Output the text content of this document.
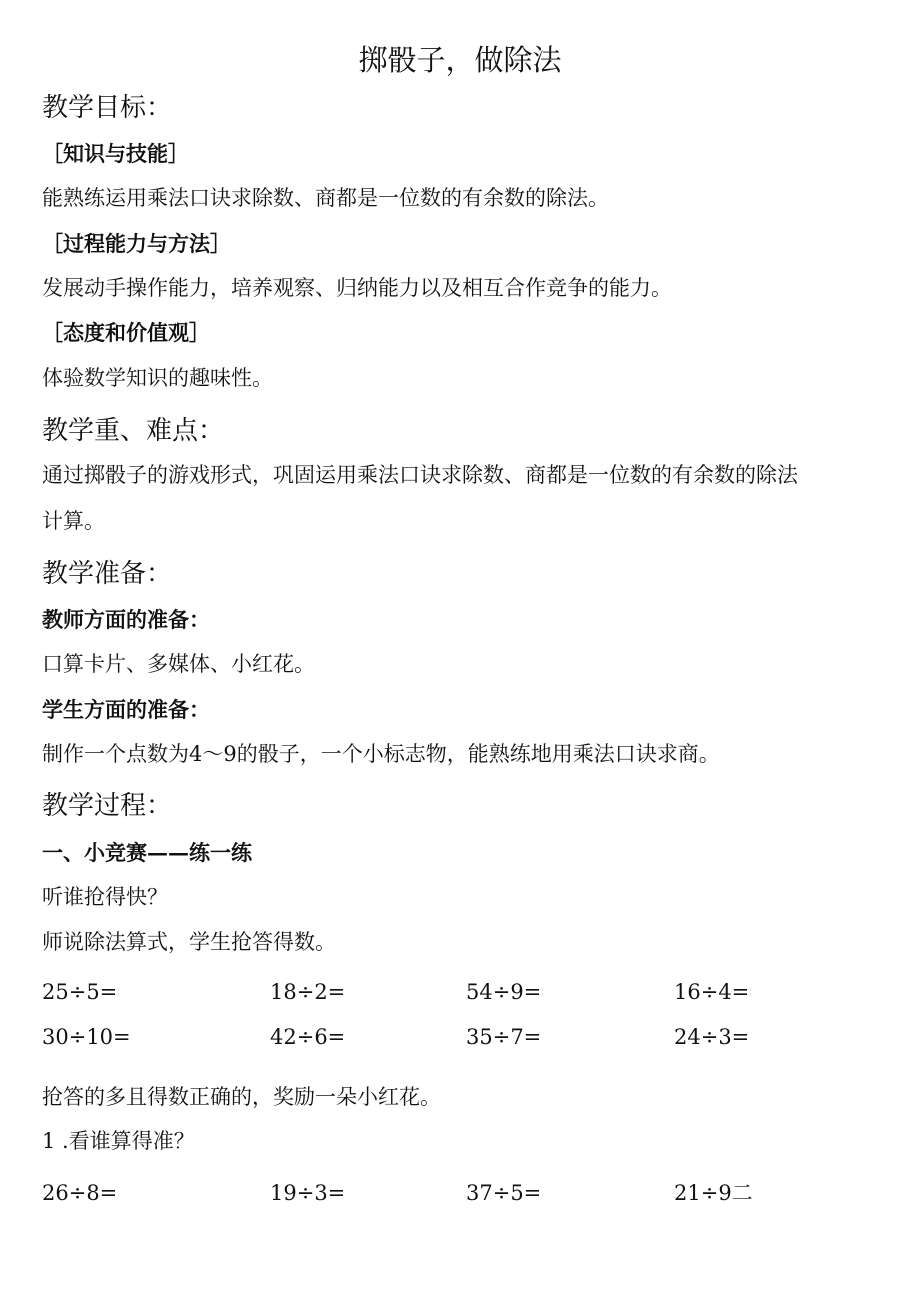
掷骰子，做除法
教学目标：
［知识与技能］
能熟练运用乘法口诀求除数、商都是一位数的有余数的除法。
［过程能力与方法］
发展动手操作能力，培养观察、归纳能力以及相互合作竞争的能力。
［态度和价值观］
体验数学知识的趣味性。
教学重、难点：
通过掷骰子的游戏形式，巩固运用乘法口诀求除数、商都是一位数的有余数的除法
计算。
教学准备：
教师方面的准备：
口算卡片、多媒体、小红花。
学生方面的准备：
制作一个点数为4～9的骰子，一个小标志物，能熟练地用乘法口诀求商。
教学过程：
一、小竞赛——练一练
听谁抢得快？
师说除法算式，学生抢答得数。
25÷5=	18÷2=	54÷9=	16÷4=
30÷10=	42÷6=	35÷7=	24÷3=
抢答的多且得数正确的，奖励一朵小红花。
1 .看谁算得准？
26÷8=	19÷3=	37÷5=	21÷9二
